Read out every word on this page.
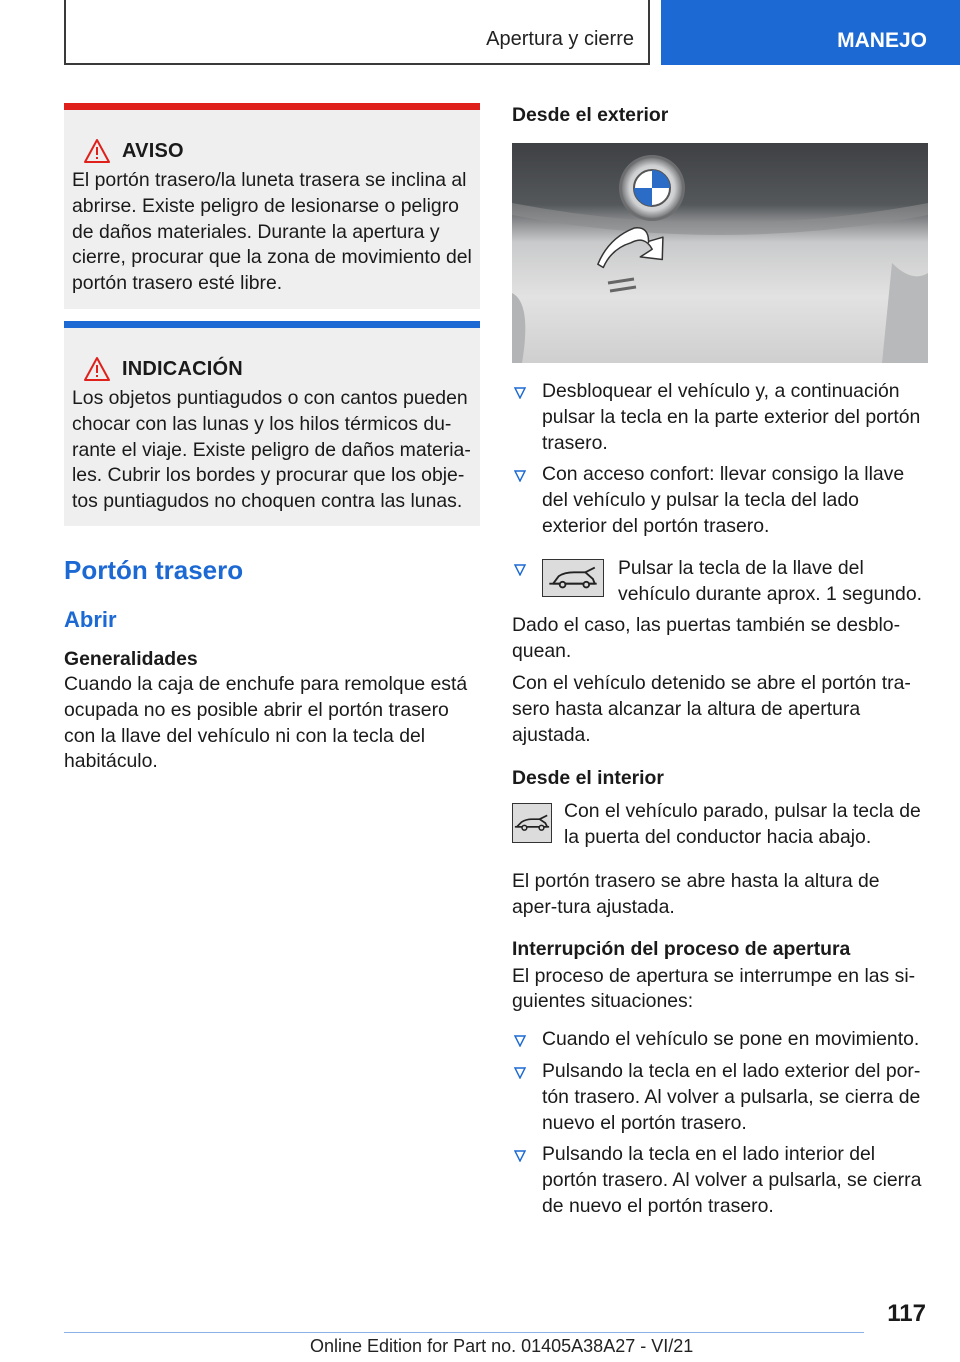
Apertura y cierre	MANEJO
AVISO

El portón trasero/la luneta trasera se inclina al abrirse. Existe peligro de lesionarse o peligro de daños materiales. Durante la apertura y cierre, procurar que la zona de movimiento del portón trasero esté libre.

INDICACIÓN

Los objetos puntiagudos o con cantos pueden chocar con las lunas y los hilos térmicos du-rante el viaje. Existe peligro de daños materia-les. Cubrir los bordes y procurar que los obje-tos puntiagudos no choquen contra las lunas.

Portón trasero
Abrir
Generalidades

Cuando la caja de enchufe para remolque está ocupada no es posible abrir el portón trasero con la llave del vehículo ni con la tecla del habitáculo.

Desde el exterior
Desbloquear el vehículo y, a continuación pulsar la tecla en la parte exterior del portón trasero.
Con acceso confort: llevar consigo la llave del vehículo y pulsar la tecla del lado exterior del portón trasero.
Pulsar la tecla de la llave del vehículo durante aprox. 1 segundo.

Dado el caso, las puertas también se desblo-quean.

Con el vehículo detenido se abre el portón tra-sero hasta alcanzar la altura de apertura ajustada.

Desde el interior
Con el vehículo parado, pulsar la tecla de la puerta del conductor hacia abajo.

El portón trasero se abre hasta la altura de aper-tura ajustada.

Interrupción del proceso de apertura

El proceso de apertura se interrumpe en las si-guientes situaciones:

Cuando el vehículo se pone en movimiento.
Pulsando la tecla en el lado exterior del por-tón trasero. Al volver a pulsarla, se cierra de nuevo el portón trasero.
Pulsando la tecla en el lado interior del portón trasero. Al volver a pulsarla, se cierra de nuevo el portón trasero.
117
Online Edition for Part no. 01405A38A27 - VI/21
